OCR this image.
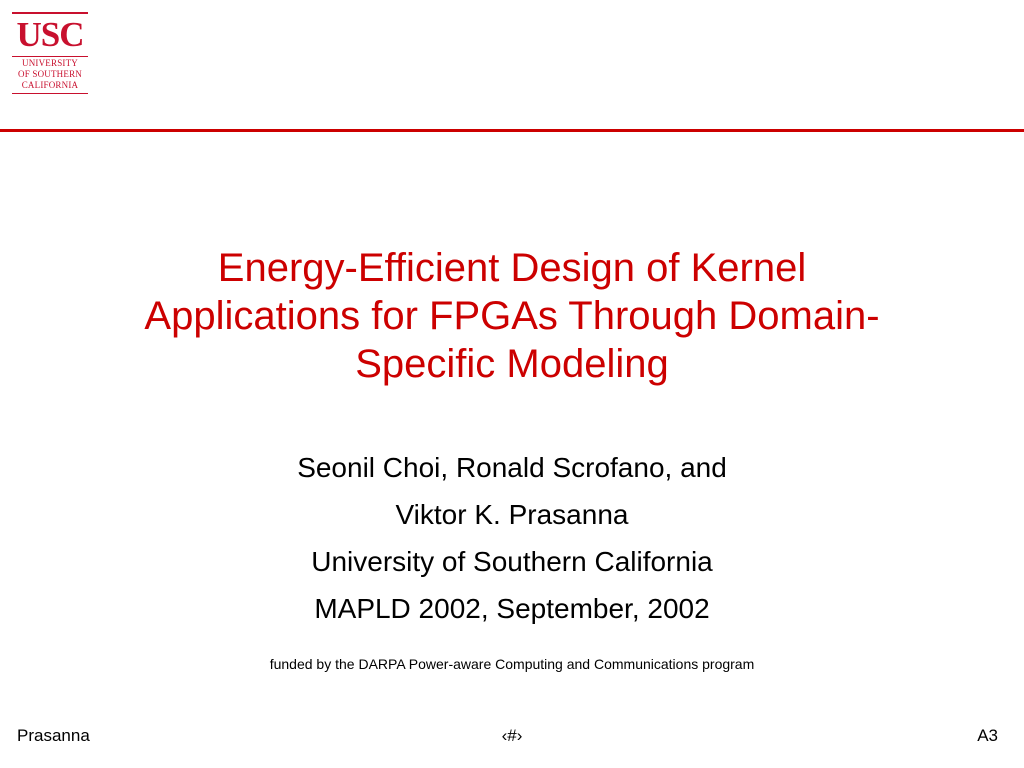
USC
UNIVERSITY
OF SOUTHERN
CALIFORNIA
Energy-Efficient Design of Kernel
Applications for FPGAs Through Domain-
Specific Modeling
Seonil Choi, Ronald Scrofano, and
Viktor K. Prasanna
University of Southern California
MAPLD 2002, September, 2002
funded by the DARPA Power-aware Computing and Communications program
Prasanna	‹#›	A3
